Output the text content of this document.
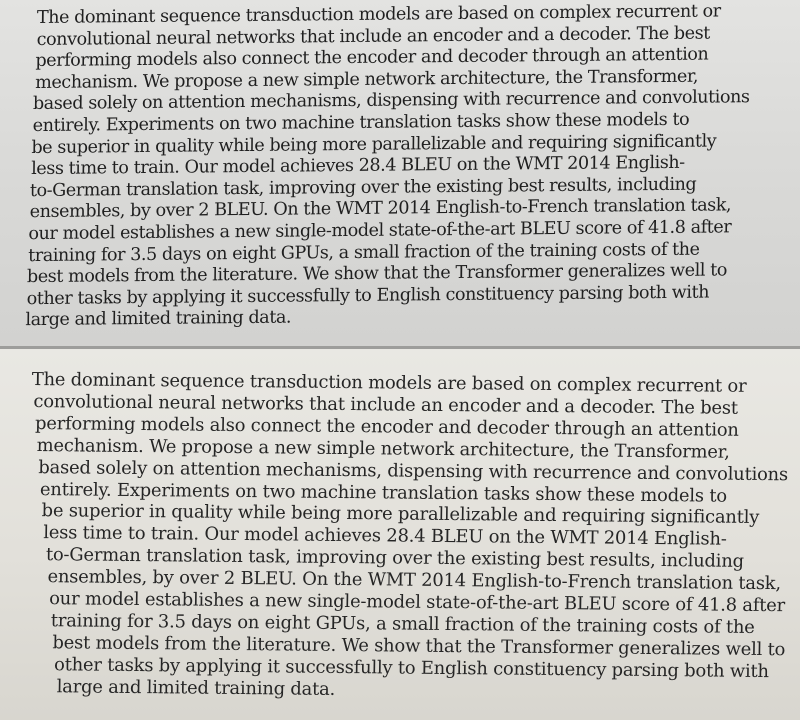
The dominant sequence transduction models are based on complex recurrent or
convolutional neural networks that include an encoder and a decoder. The best
performing models also connect the encoder and decoder through an attention
mechanism. We propose a new simple network architecture, the Transformer,
based solely on attention mechanisms, dispensing with recurrence and convolutions
entirely. Experiments on two machine translation tasks show these models to
be superior in quality while being more parallelizable and requiring significantly
less time to train. Our model achieves 28.4 BLEU on the WMT 2014 English-
to-German translation task, improving over the existing best results, including
ensembles, by over 2 BLEU. On the WMT 2014 English-to-French translation task,
our model establishes a new single-model state-of-the-art BLEU score of 41.8 after
training for 3.5 days on eight GPUs, a small fraction of the training costs of the
best models from the literature. We show that the Transformer generalizes well to
other tasks by applying it successfully to English constituency parsing both with
large and limited training data.

The dominant sequence transduction models are based on complex recurrent or
convolutional neural networks that include an encoder and a decoder. The best
performing models also connect the encoder and decoder through an attention
mechanism. We propose a new simple network architecture, the Transformer,
based solely on attention mechanisms, dispensing with recurrence and convolutions
entirely. Experiments on two machine translation tasks show these models to
be superior in quality while being more parallelizable and requiring significantly
less time to train. Our model achieves 28.4 BLEU on the WMT 2014 English-
to-German translation task, improving over the existing best results, including
ensembles, by over 2 BLEU. On the WMT 2014 English-to-French translation task,
our model establishes a new single-model state-of-the-art BLEU score of 41.8 after
training for 3.5 days on eight GPUs, a small fraction of the training costs of the
best models from the literature. We show that the Transformer generalizes well to
other tasks by applying it successfully to English constituency parsing both with
large and limited training data.
